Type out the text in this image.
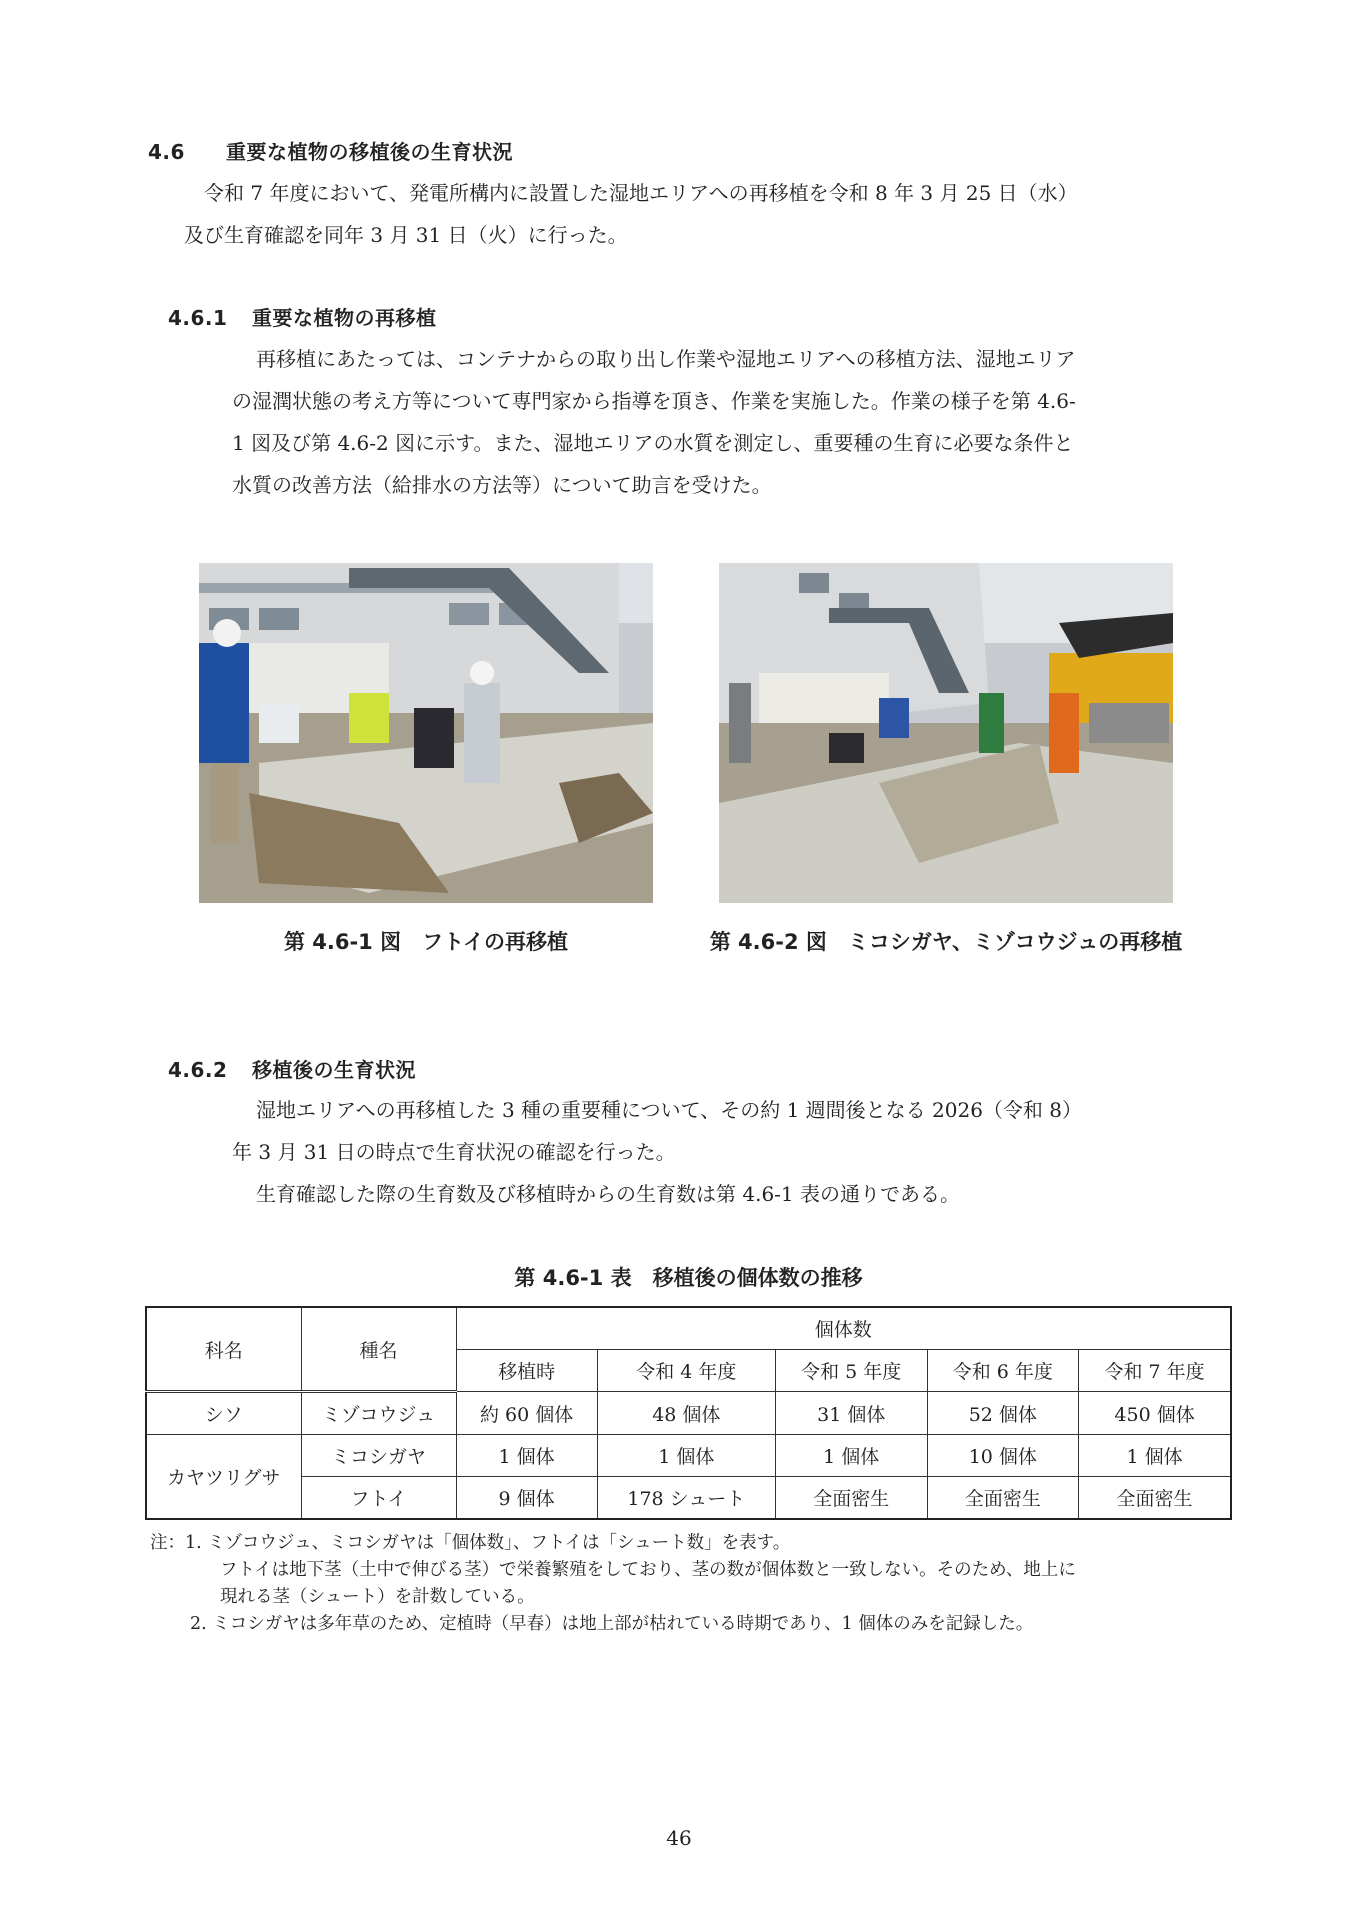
4.6 重要な植物の移植後の生育状況

令和 7 年度において、発電所構内に設置した湿地エリアへの再移植を令和 8 年 3 月 25 日（水）

及び生育確認を同年 3 月 31 日（火）に行った。

4.6.1 重要な植物の再移植

再移植にあたっては、コンテナからの取り出し作業や湿地エリアへの移植方法、湿地エリア

の湿潤状態の考え方等について専門家から指導を頂き、作業を実施した。作業の様子を第 4.6-

1 図及び第 4.6-2 図に示す。また、湿地エリアの水質を測定し、重要種の生育に必要な条件と

水質の改善方法（給排水の方法等）について助言を受けた。

第 4.6-1 図　フトイの再移植	第 4.6-2 図　ミコシガヤ、ミゾコウジュの再移植
4.6.2 移植後の生育状況

湿地エリアへの再移植した 3 種の重要種について、その約 1 週間後となる 2026（令和 8）

年 3 月 31 日の時点で生育状況の確認を行った。

生育確認した際の生育数及び移植時からの生育数は第 4.6-1 表の通りである。

第 4.6-1 表　移植後の個体数の推移
科名	種名	個体数				
		移植時	令和 4 年度	令和 5 年度	令和 6 年度	令和 7 年度
シソ	ミゾコウジュ	約 60 個体	48 個体	31 個体	52 個体	450 個体
カヤツリグサ	ミコシガヤ	1 個体	1 個体	1 個体	10 個体	1 個体
	フトイ	9 個体	178 シュート	全面密生	全面密生	全面密生
注：1. ミゾコウジュ、ミコシガヤは「個体数」、フトイは「シュート数」を表す。
フトイは地下茎（土中で伸びる茎）で栄養繁殖をしており、茎の数が個体数と一致しない。そのため、地上に
現れる茎（シュート）を計数している。
2. ミコシガヤは多年草のため、定植時（早春）は地上部が枯れている時期であり、1 個体のみを記録した。
46
